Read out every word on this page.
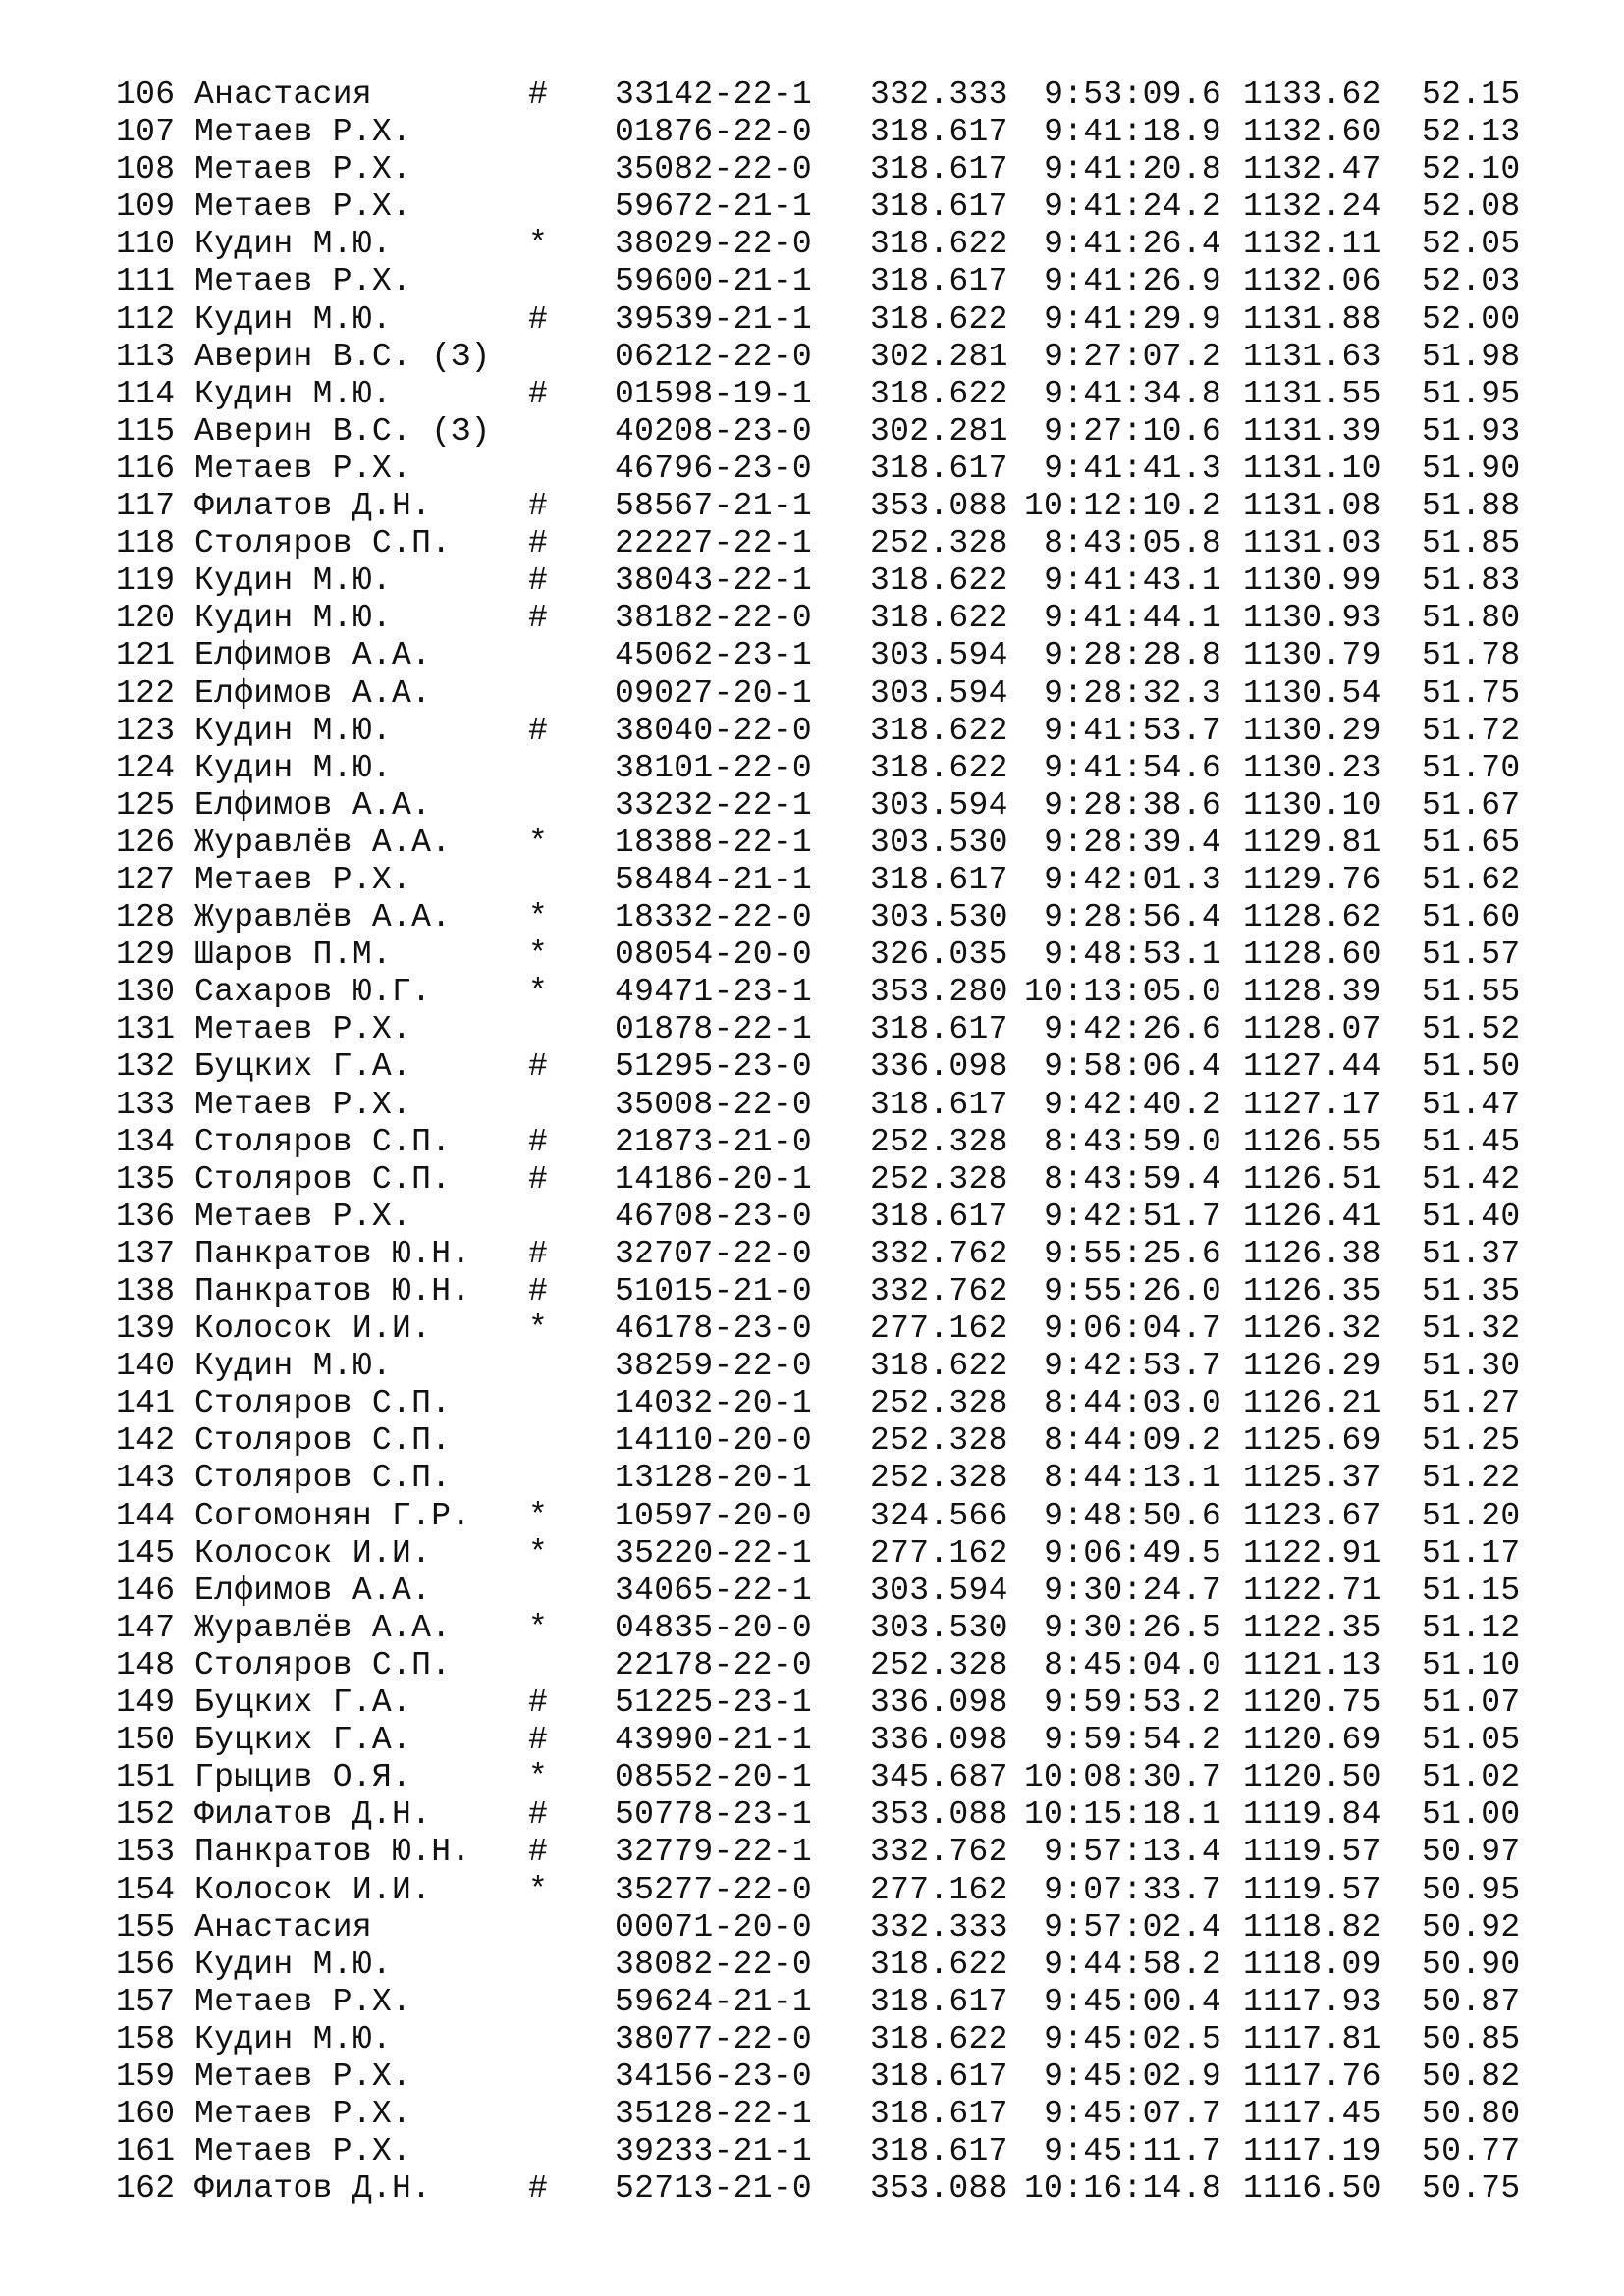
106 Анастасия	# 33142-22-1 332.333 9:53:09.6 1133.62 52.15
107 Метаев Р.Х.	01876-22-0 318.617 9:41:18.9 1132.60 52.13
108 Метаев Р.Х.	35082-22-0 318.617 9:41:20.8 1132.47 52.10
109 Метаев Р.Х.	59672-21-1 318.617 9:41:24.2 1132.24 52.08
110 Кудин М.Ю.	* 38029-22-0 318.622 9:41:26.4 1132.11 52.05
111 Метаев Р.Х.	59600-21-1 318.617 9:41:26.9 1132.06 52.03
112 Кудин М.Ю.	# 39539-21-1 318.622 9:41:29.9 1131.88 52.00
113 Аверин В.С. (З)	06212-22-0 302.281 9:27:07.2 1131.63 51.98
114 Кудин М.Ю.	# 01598-19-1 318.622 9:41:34.8 1131.55 51.95
115 Аверин В.С. (З)	40208-23-0 302.281 9:27:10.6 1131.39 51.93
116 Метаев Р.Х.	46796-23-0 318.617 9:41:41.3 1131.10 51.90
117 Филатов Д.Н.	# 58567-21-1 353.088 10:12:10.2 1131.08 51.88
118 Столяров С.П. # 22227-22-1 252.328 8:43:05.8 1131.03 51.85
119 Кудин М.Ю.	# 38043-22-1 318.622 9:41:43.1 1130.99 51.83
120 Кудин М.Ю.	# 38182-22-0 318.622 9:41:44.1 1130.93 51.80
121 Елфимов А.А.	45062-23-1 303.594 9:28:28.8 1130.79 51.78
122 Елфимов А.А.	09027-20-1 303.594 9:28:32.3 1130.54 51.75
123 Кудин М.Ю.	# 38040-22-0 318.622 9:41:53.7 1130.29 51.72
124 Кудин М.Ю.	38101-22-0 318.622 9:41:54.6 1130.23 51.70
125 Елфимов А.А.	33232-22-1 303.594 9:28:38.6 1130.10 51.67
126 Журавлёв А.А. * 18388-22-1 303.530 9:28:39.4 1129.81 51.65
127 Метаев Р.Х.	58484-21-1 318.617 9:42:01.3 1129.76 51.62
128 Журавлёв А.А. * 18332-22-0 303.530 9:28:56.4 1128.62 51.60
129 Шаров П.М.	* 08054-20-0 326.035 9:48:53.1 1128.60 51.57
130 Сахаров Ю.Г.	* 49471-23-1 353.280 10:13:05.0 1128.39 51.55
131 Метаев Р.Х.	01878-22-1 318.617 9:42:26.6 1128.07 51.52
132 Буцких Г.А.	# 51295-23-0 336.098 9:58:06.4 1127.44 51.50
133 Метаев Р.Х.	35008-22-0 318.617 9:42:40.2 1127.17 51.47
134 Столяров С.П. # 21873-21-0 252.328 8:43:59.0 1126.55 51.45
135 Столяров С.П. # 14186-20-1 252.328 8:43:59.4 1126.51 51.42
136 Метаев Р.Х.	46708-23-0 318.617 9:42:51.7 1126.41 51.40
137 Панкратов Ю.Н. # 32707-22-0 332.762 9:55:25.6 1126.38 51.37
138 Панкратов Ю.Н. # 51015-21-0 332.762 9:55:26.0 1126.35 51.35
139 Колосок И.И.	* 46178-23-0 277.162 9:06:04.7 1126.32 51.32
140 Кудин М.Ю.	38259-22-0 318.622 9:42:53.7 1126.29 51.30
141 Столяров С.П.	14032-20-1 252.328 8:44:03.0 1126.21 51.27
142 Столяров С.П.	14110-20-0 252.328 8:44:09.2 1125.69 51.25
143 Столяров С.П.	13128-20-1 252.328 8:44:13.1 1125.37 51.22
144 Согомонян Г.Р. * 10597-20-0 324.566 9:48:50.6 1123.67 51.20
145 Колосок И.И.	* 35220-22-1 277.162 9:06:49.5 1122.91 51.17
146 Елфимов А.А.	34065-22-1 303.594 9:30:24.7 1122.71 51.15
147 Журавлёв А.А. * 04835-20-0 303.530 9:30:26.5 1122.35 51.12
148 Столяров С.П.	22178-22-0 252.328 8:45:04.0 1121.13 51.10
149 Буцких Г.А.	# 51225-23-1 336.098 9:59:53.2 1120.75 51.07
150 Буцких Г.А.	# 43990-21-1 336.098 9:59:54.2 1120.69 51.05
151 Грыцив О.Я.	* 08552-20-1 345.687 10:08:30.7 1120.50 51.02
152 Филатов Д.Н.	# 50778-23-1 353.088 10:15:18.1 1119.84 51.00
153 Панкратов Ю.Н. # 32779-22-1 332.762 9:57:13.4 1119.57 50.97
154 Колосок И.И.	* 35277-22-0 277.162 9:07:33.7 1119.57 50.95
155 Анастасия	00071-20-0 332.333 9:57:02.4 1118.82 50.92
156 Кудин М.Ю.	38082-22-0 318.622 9:44:58.2 1118.09 50.90
157 Метаев Р.Х.	59624-21-1 318.617 9:45:00.4 1117.93 50.87
158 Кудин М.Ю.	38077-22-0 318.622 9:45:02.5 1117.81 50.85
159 Метаев Р.Х.	34156-23-0 318.617 9:45:02.9 1117.76 50.82
160 Метаев Р.Х.	35128-22-1 318.617 9:45:07.7 1117.45 50.80
161 Метаев Р.Х.	39233-21-1 318.617 9:45:11.7 1117.19 50.77
162 Филатов Д.Н.	# 52713-21-0 353.088 10:16:14.8 1116.50 50.75
